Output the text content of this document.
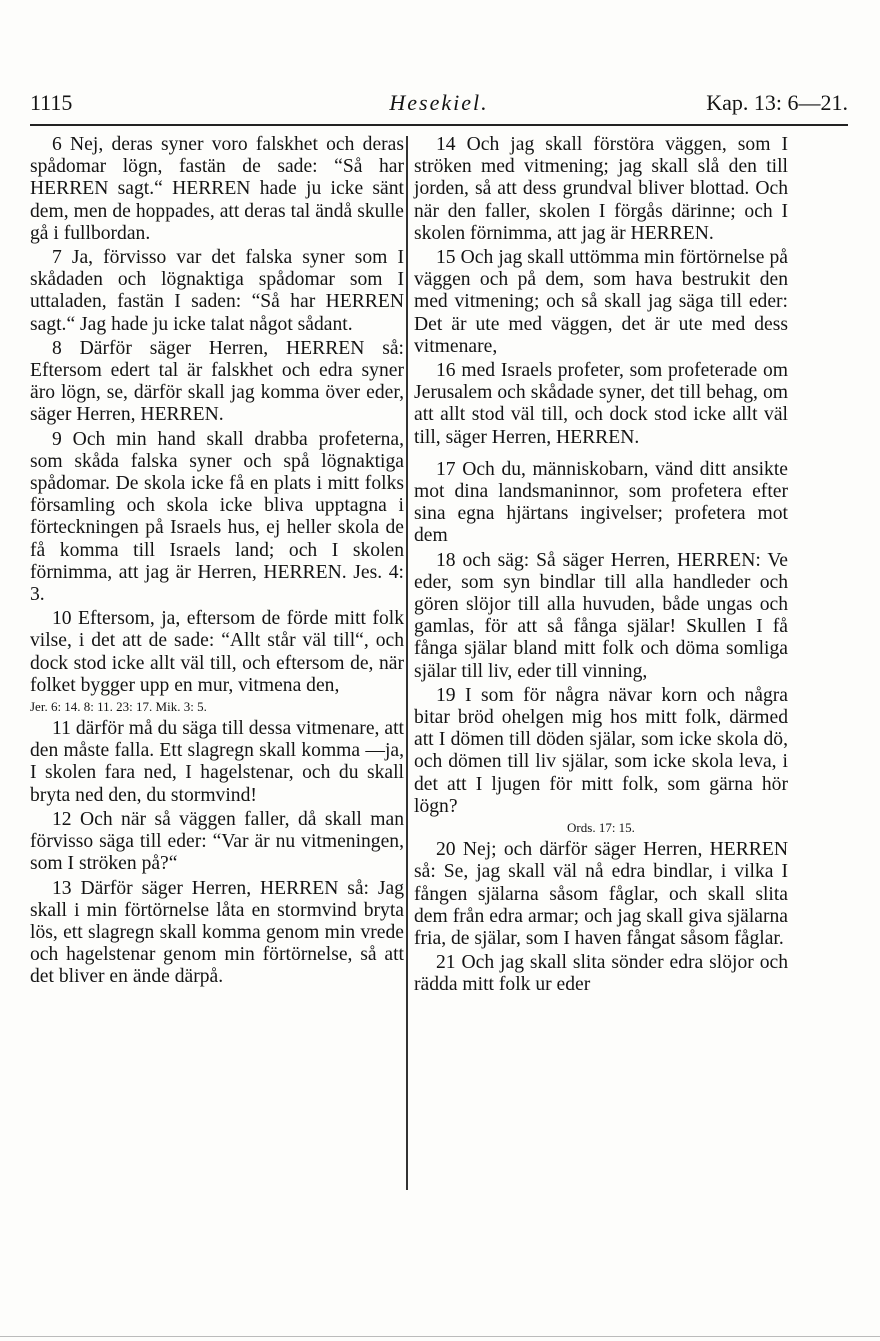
1115	Hesekiel.	Kap. 13: 6—21.

6 Nej, deras syner voro falskhet och deras spådomar lögn, fastän de sade: “Så har HERREN sagt.“ HERREN hade ju icke sänt dem, men de hoppades, att deras tal ändå skulle gå i fullbordan.

7 Ja, förvisso var det falska syner som I skådaden och lögnaktiga spådomar som I uttaladen, fastän I saden: “Så har HERREN sagt.“ Jag hade ju icke talat något sådant.

8 Därför säger Herren, HERREN så: Eftersom edert tal är falskhet och edra syner äro lögn, se, därför skall jag komma över eder, säger Herren, HERREN.

9 Och min hand skall drabba profeterna, som skåda falska syner och spå lögnaktiga spådomar. De skola icke få en plats i mitt folks församling och skola icke bliva upptagna i förteckningen på Israels hus, ej heller skola de få komma till Israels land; och I skolen förnimma, att jag är Herren, HERREN. Jes. 4: 3.

10 Eftersom, ja, eftersom de förde mitt folk vilse, i det att de sade: “Allt står väl till“, och dock stod icke allt väl till, och eftersom de, när folket bygger upp en mur, vitmena den,

Jer. 6: 14. 8: 11. 23: 17. Mik. 3: 5.

11 därför må du säga till dessa vitmenare, att den måste falla. Ett slagregn skall komma —ja, I skolen fara ned, I hagelstenar, och du skall bryta ned den, du stormvind!

12 Och när så väggen faller, då skall man förvisso säga till eder: “Var är nu vitmeningen, som I ströken på?“

13 Därför säger Herren, HERREN så: Jag skall i min förtörnelse låta en stormvind bryta lös, ett slagregn skall komma genom min vrede och hagelstenar genom min förtörnelse, så att det bliver en ände därpå.

14 Och jag skall förstöra väggen, som I ströken med vitmening; jag skall slå den till jorden, så att dess grundval bliver blottad. Och när den faller, skolen I förgås därinne; och I skolen förnimma, att jag är HERREN.

15 Och jag skall uttömma min förtörnelse på väggen och på dem, som hava bestrukit den med vitmening; och så skall jag säga till eder: Det är ute med väggen, det är ute med dess vitmenare,

16 med Israels profeter, som profeterade om Jerusalem och skådade syner, det till behag, om att allt stod väl till, och dock stod icke allt väl till, säger Herren, HERREN.

17 Och du, människobarn, vänd ditt ansikte mot dina landsmaninnor, som profetera efter sina egna hjärtans ingivelser; profetera mot dem

18 och säg: Så säger Herren, HERREN: Ve eder, som syn bindlar till alla handleder och gören slöjor till alla huvuden, både ungas och gamlas, för att så fånga själar! Skullen I få fånga själar bland mitt folk och döma somliga själar till liv, eder till vinning,

19 I som för några nävar korn och några bitar bröd ohelgen mig hos mitt folk, därmed att I dömen till döden själar, som icke skola dö, och dömen till liv själar, som icke skola leva, i det att I ljugen för mitt folk, som gärna hör lögn?

Ords. 17: 15.

20 Nej; och därför säger Herren, HERREN så: Se, jag skall väl nå edra bindlar, i vilka I fången själarna såsom fåglar, och skall slita dem från edra armar; och jag skall giva själarna fria, de själar, som I haven fångat såsom fåglar.

21 Och jag skall slita sönder edra slöjor och rädda mitt folk ur eder
